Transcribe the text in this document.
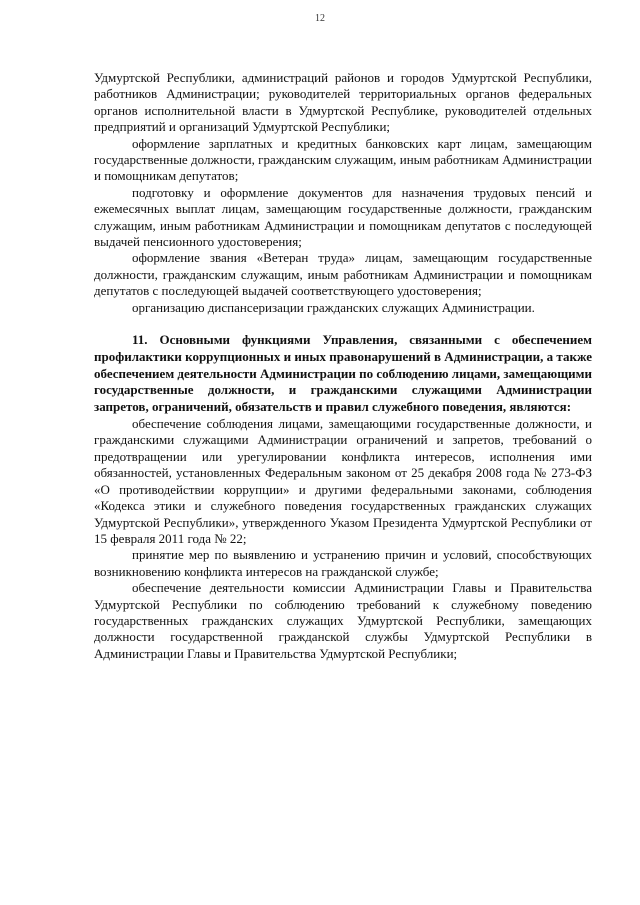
12

Удмуртской Республики, администраций районов и городов Удмуртской Республики, работников Администрации; руководителей территориальных органов федеральных органов исполнительной власти в Удмуртской Республике, руководителей отдельных предприятий и организаций Удмуртской Республики;

оформление зарплатных и кредитных банковских карт лицам, замещающим государственные должности, гражданским служащим, иным работникам Администрации и помощникам депутатов;

подготовку и оформление документов для назначения трудовых пенсий и ежемесячных выплат лицам, замещающим государственные должности, гражданским служащим, иным работникам Администрации и помощникам депутатов с последующей выдачей пенсионного удостоверения;

оформление звания «Ветеран труда» лицам, замещающим государственные должности, гражданским служащим, иным работникам Администрации и помощникам депутатов с последующей выдачей соответствующего удостоверения;

организацию диспансеризации гражданских служащих Администрации.

11. Основными функциями Управления, связанными с обеспечением профилактики коррупционных и иных правонарушений в Администрации, а также обеспечением деятельности Администрации по соблюдению лицами, замещающими государственные должности, и гражданскими служащими Администрации запретов, ограничений, обязательств и правил служебного поведения, являются:

обеспечение соблюдения лицами, замещающими государственные должности, и гражданскими служащими Администрации ограничений и запретов, требований о предотвращении или урегулировании конфликта интересов, исполнения ими обязанностей, установленных Федеральным законом от 25 декабря 2008 года № 273-ФЗ «О противодействии коррупции» и другими федеральными законами, соблюдения «Кодекса этики и служебного поведения государственных гражданских служащих Удмуртской Республики», утвержденного Указом Президента Удмуртской Республики от 15 февраля 2011 года № 22;

принятие мер по выявлению и устранению причин и условий, способствующих возникновению конфликта интересов на гражданской службе;

обеспечение деятельности комиссии Администрации Главы и Правительства Удмуртской Республики по соблюдению требований к служебному поведению государственных гражданских служащих Удмуртской Республики, замещающих должности государственной гражданской службы Удмуртской Республики в Администрации Главы и Правительства Удмуртской Республики;
